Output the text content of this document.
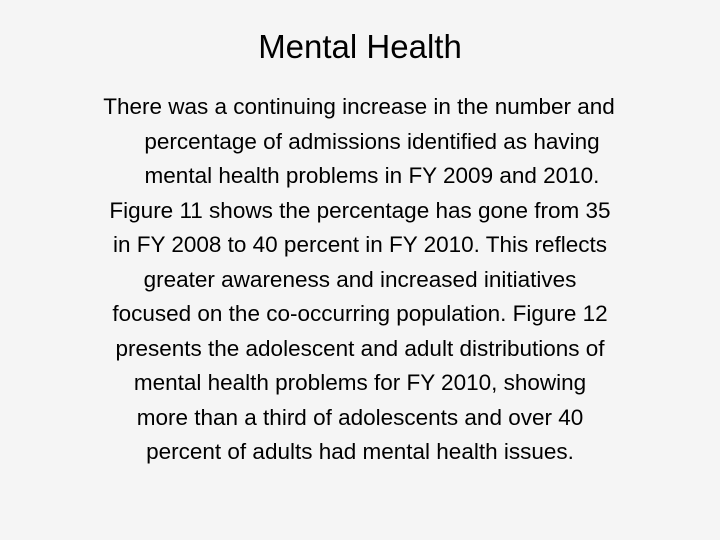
Mental Health
There was a continuing increase in the number and
percentage of admissions identified as having
mental health problems in FY 2009 and 2010.
Figure 11 shows the percentage has gone from 35
in FY 2008 to 40 percent in FY 2010. This reflects
greater awareness and increased initiatives
focused on the co-occurring population. Figure 12
presents the adolescent and adult distributions of
mental health problems for FY 2010, showing
more than a third of adolescents and over 40
percent of adults had mental health issues.
